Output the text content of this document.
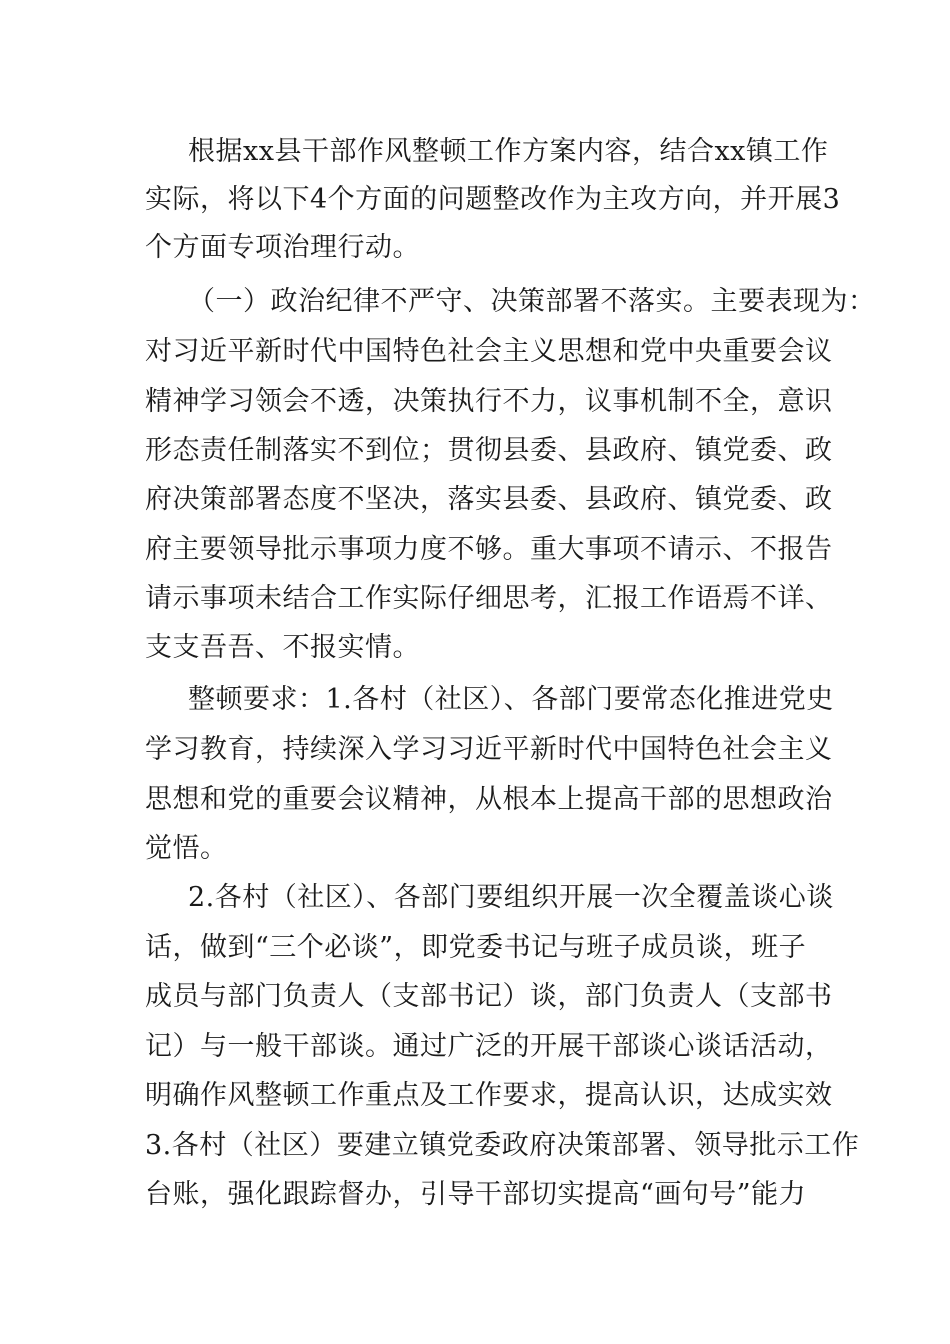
根据xx县干部作风整顿工作方案内容，结合xx镇工作
实际，将以下4个方面的问题整改作为主攻方向，并开展3
个方面专项治理行动。
（一）政治纪律不严守、决策部署不落实。主要表现为：
对习近平新时代中国特色社会主义思想和党中央重要会议
精神学习领会不透，决策执行不力，议事机制不全，意识
形态责任制落实不到位；贯彻县委、县政府、镇党委、政
府决策部署态度不坚决，落实县委、县政府、镇党委、政
府主要领导批示事项力度不够。重大事项不请示、不报告
请示事项未结合工作实际仔细思考，汇报工作语焉不详、
支支吾吾、不报实情。
整顿要求：1.各村（社区）、各部门要常态化推进党史
学习教育，持续深入学习习近平新时代中国特色社会主义
思想和党的重要会议精神，从根本上提高干部的思想政治
觉悟。
2.各村（社区）、各部门要组织开展一次全覆盖谈心谈
话，做到“三个必谈”，即党委书记与班子成员谈，班子
成员与部门负责人（支部书记）谈，部门负责人（支部书
记）与一般干部谈。通过广泛的开展干部谈心谈话活动，
明确作风整顿工作重点及工作要求，提高认识，达成实效
3.各村（社区）要建立镇党委政府决策部署、领导批示工作
台账，强化跟踪督办，引导干部切实提高“画句号”能力
